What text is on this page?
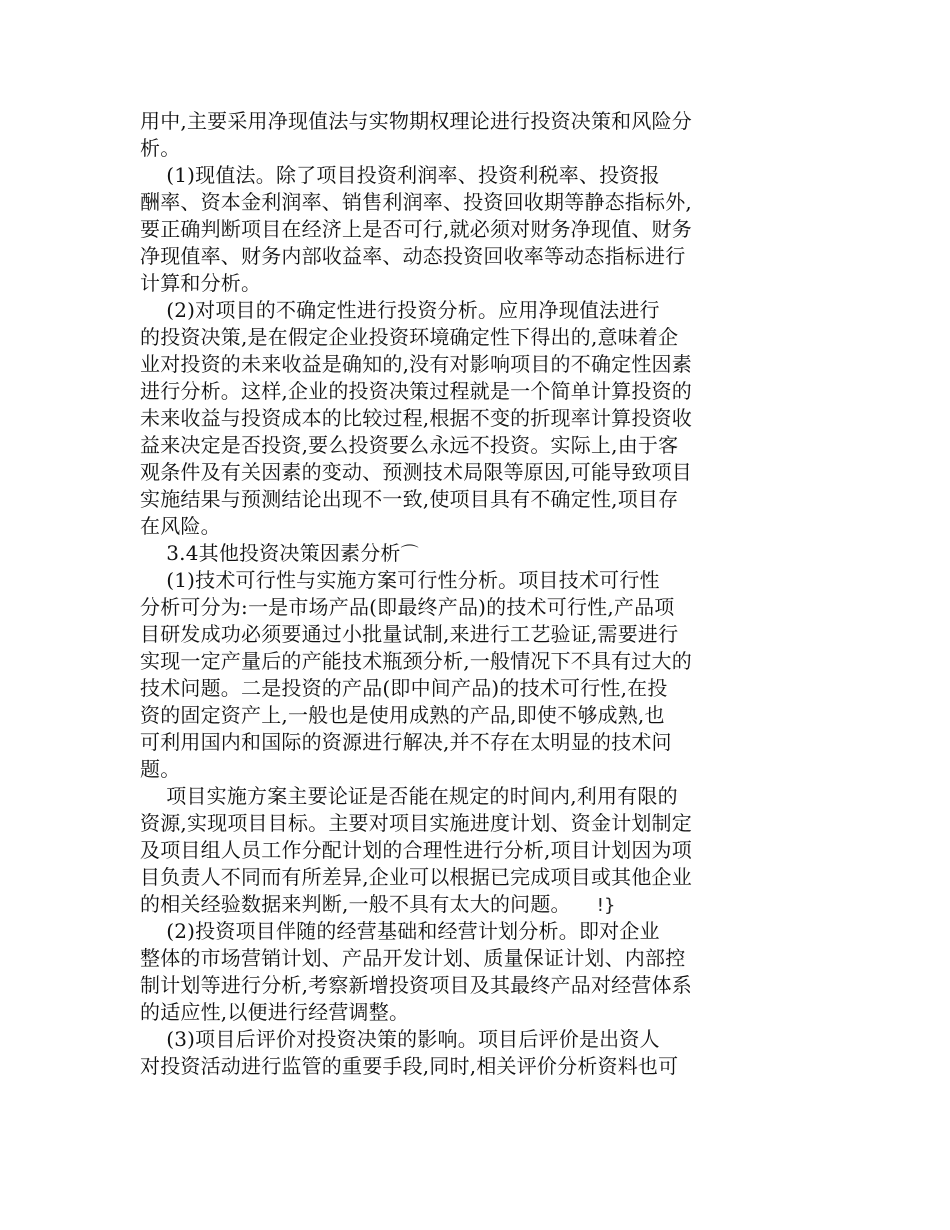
用中,主要采用净现值法与实物期权理论进行投资决策和风险分
析。
(1)现值法。除了项目投资利润率、投资利税率、投资报
酬率、资本金利润率、销售利润率、投资回收期等静态指标外,
要正确判断项目在经济上是否可行,就必须对财务净现值、财务
净现值率、财务内部收益率、动态投资回收率等动态指标进行
计算和分析。
(2)对项目的不确定性进行投资分析。应用净现值法进行
的投资决策,是在假定企业投资环境确定性下得出的,意味着企
业对投资的未来收益是确知的,没有对影响项目的不确定性因素
进行分析。这样,企业的投资决策过程就是一个简单计算投资的
未来收益与投资成本的比较过程,根据不变的折现率计算投资收
益来决定是否投资,要么投资要么永远不投资。实际上,由于客
观条件及有关因素的变动、预测技术局限等原因,可能导致项目
实施结果与预测结论出现不一致,使项目具有不确定性,项目存
在风险。
3.4其他投资决策因素分析⌒
(1)技术可行性与实施方案可行性分析。项目技术可行性
分析可分为:一是市场产品(即最终产品)的技术可行性,产品项
目研发成功必须要通过小批量试制,来进行工艺验证,需要进行
实现一定产量后的产能技术瓶颈分析,一般情况下不具有过大的
技术问题。二是投资的产品(即中间产品)的技术可行性,在投
资的固定资产上,一般也是使用成熟的产品,即使不够成熟,也
可利用国内和国际的资源进行解决,并不存在太明显的技术问
题。
项目实施方案主要论证是否能在规定的时间内,利用有限的
资源,实现项目目标。主要对项目实施进度计划、资金计划制定
及项目组人员工作分配计划的合理性进行分析,项目计划因为项
目负责人不同而有所差异,企业可以根据已完成项目或其他企业
的相关经验数据来判断,一般不具有太大的问题。 !}
(2)投资项目伴随的经营基础和经营计划分析。即对企业
整体的市场营销计划、产品开发计划、质量保证计划、内部控
制计划等进行分析,考察新增投资项目及其最终产品对经营体系
的适应性,以便进行经营调整。
(3)项目后评价对投资决策的影响。项目后评价是出资人
对投资活动进行监管的重要手段,同时,相关评价分析资料也可
